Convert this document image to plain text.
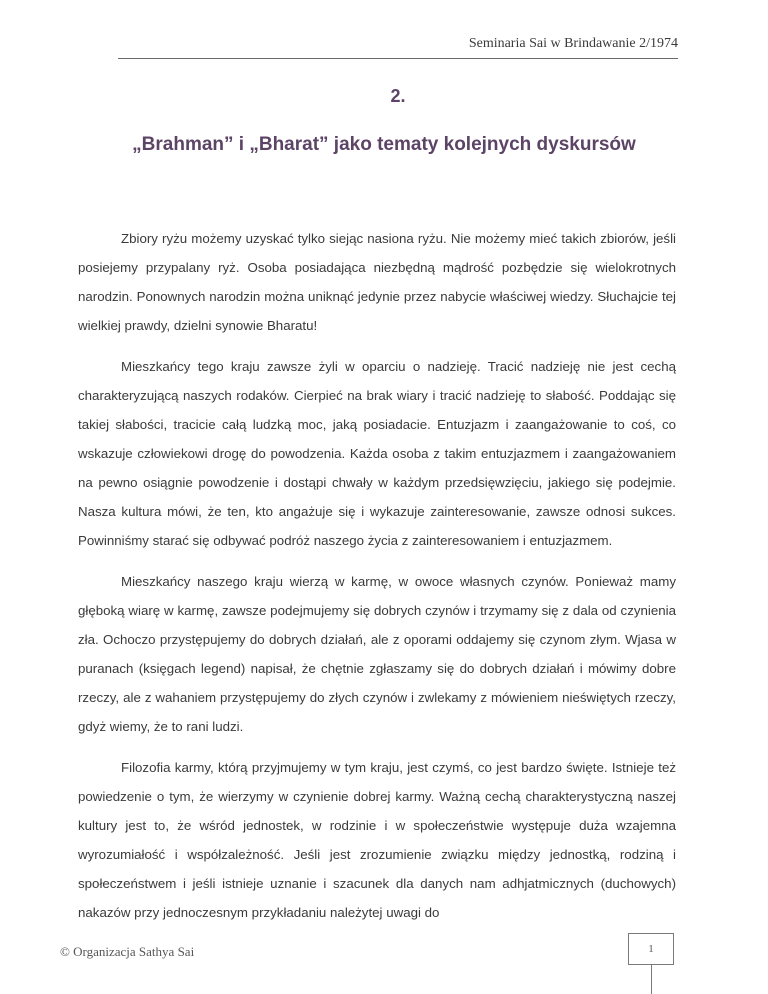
Seminaria Sai w Brindawanie 2/1974
2.
„Brahman” i „Bharat” jako tematy kolejnych dyskursów

Zbiory ryżu możemy uzyskać tylko siejąc nasiona ryżu. Nie możemy mieć takich zbiorów, jeśli posiejemy przypalany ryż. Osoba posiadająca niezbędną mądrość pozbędzie się wielokrotnych narodzin. Ponownych narodzin można uniknąć jedynie przez nabycie właściwej wiedzy. Słuchajcie tej wielkiej prawdy, dzielni synowie Bharatu!

Mieszkańcy tego kraju zawsze żyli w oparciu o nadzieję. Tracić nadzieję nie jest cechą charakteryzującą naszych rodaków. Cierpieć na brak wiary i tracić nadzieję to słabość. Poddając się takiej słabości, tracicie całą ludzką moc, jaką posiadacie. Entuzjazm i zaangażowanie to coś, co wskazuje człowiekowi drogę do powodzenia. Każda osoba z takim entuzjazmem i zaangażowaniem na pewno osiągnie powodzenie i dostąpi chwały w każdym przedsięwzięciu, jakiego się podejmie. Nasza kultura mówi, że ten, kto angażuje się i wykazuje zainteresowanie, zawsze odnosi sukces. Powinniśmy starać się odbywać podróż naszego życia z zainteresowaniem i entuzjazmem.

Mieszkańcy naszego kraju wierzą w karmę, w owoce własnych czynów. Ponieważ mamy głęboką wiarę w karmę, zawsze podejmujemy się dobrych czynów i trzymamy się z dala od czynienia zła. Ochoczo przystępujemy do dobrych działań, ale z oporami oddajemy się czynom złym. Wjasa w puranach (księgach legend) napisał, że chętnie zgłaszamy się do dobrych działań i mówimy dobre rzeczy, ale z wahaniem przystępujemy do złych czynów i zwlekamy z mówieniem nieświętych rzeczy, gdyż wiemy, że to rani ludzi.

Filozofia karmy, którą przyjmujemy w tym kraju, jest czymś, co jest bardzo święte. Istnieje też powiedzenie o tym, że wierzymy w czynienie dobrej karmy. Ważną cechą charakterystyczną naszej kultury jest to, że wśród jednostek, w rodzinie i w społeczeństwie występuje duża wzajemna wyrozumiałość i współzależność. Jeśli jest zrozumienie związku między jednostką, rodziną i społeczeństwem i jeśli istnieje uznanie i szacunek dla danych nam adhjatmicznych (duchowych) nakazów przy jednoczesnym przykładaniu należytej uwagi do

© Organizacja Sathya Sai	1
